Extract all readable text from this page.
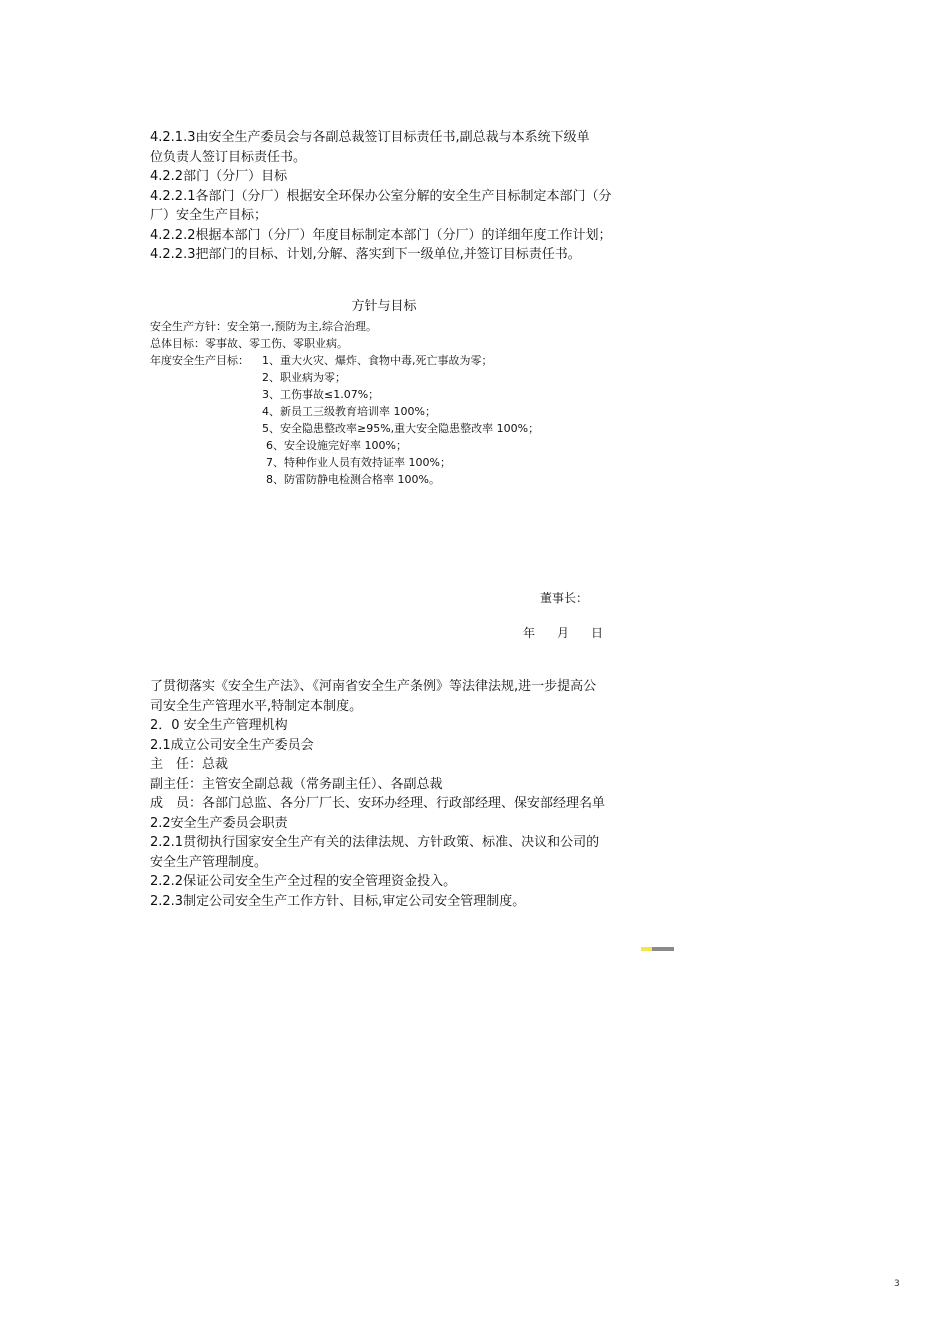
4.2.1.3由安全生产委员会与各副总裁签订目标责任书,副总裁与本系统下级单
位负责人签订目标责任书。
4.2.2部门（分厂）目标
4.2.2.1各部门（分厂）根据安全环保办公室分解的安全生产目标制定本部门（分
厂）安全生产目标；
4.2.2.2根据本部门（分厂）年度目标制定本部门（分厂）的详细年度工作计划；
4.2.2.3把部门的目标、计划,分解、落实到下一级单位,并签订目标责任书。
方针与目标
安全生产方针：安全第一,预防为主,综合治理。
总体目标：零事故、零工伤、零职业病。
年度安全生产目标：	1、重大火灾、爆炸、食物中毒,死亡事故为零；
2、职业病为零；
3、工伤事故≤1.07%；
4、新员工三级教育培训率 100%；
5、安全隐患整改率≥95%,重大安全隐患整改率 100%；
6、安全设施完好率 100%；
7、特种作业人员有效持证率 100%；
8、防雷防静电检测合格率 100%。
董事长：
年 月 日
了贯彻落实《安全生产法》、《河南省安全生产条例》等法律法规,进一步提高公
司安全生产管理水平,特制定本制度。
2．0 安全生产管理机构
2.1成立公司安全生产委员会
主　任：总裁
副主任：主管安全副总裁（常务副主任）、各副总裁
成　员：各部门总监、各分厂厂长、安环办经理、行政部经理、保安部经理名单
2.2安全生产委员会职责
2.2.1贯彻执行国家安全生产有关的法律法规、方针政策、标准、决议和公司的
安全生产管理制度。
2.2.2保证公司安全生产全过程的安全管理资金投入。
2.2.3制定公司安全生产工作方针、目标,审定公司安全管理制度。
3
